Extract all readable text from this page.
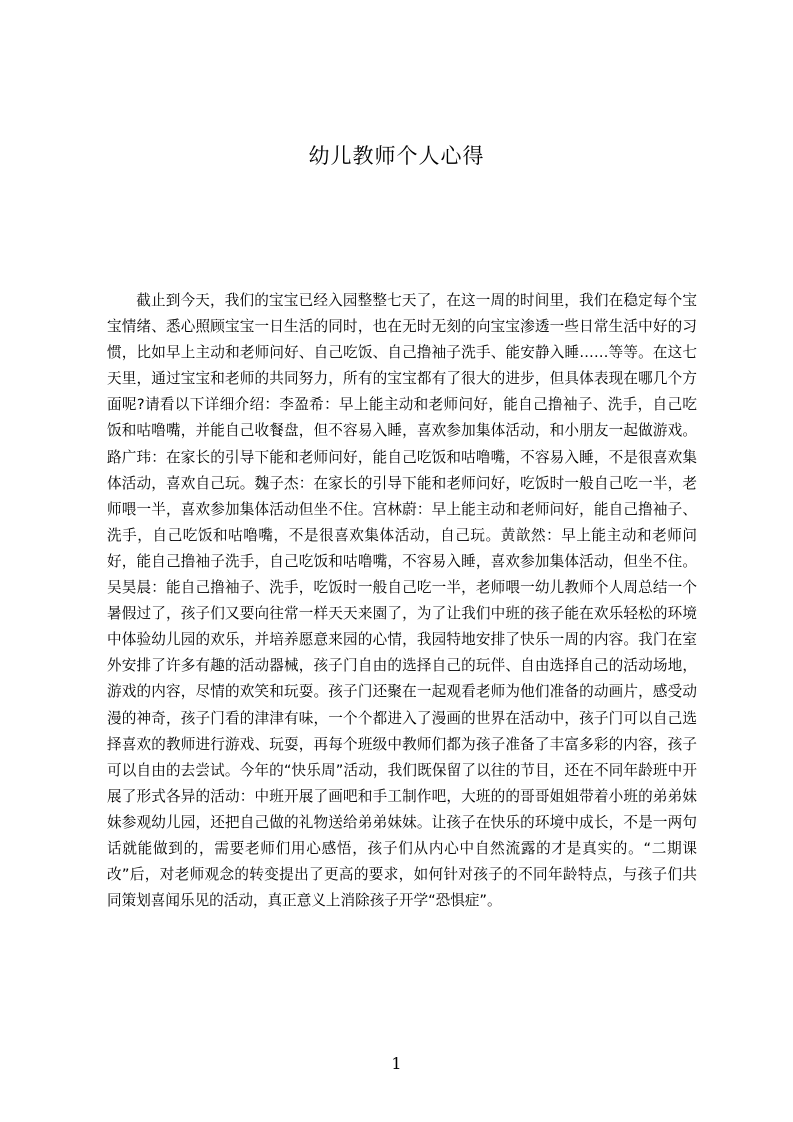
幼儿教师个人心得

截止到今天，我们的宝宝已经入园整整七天了，在这一周的时间里，我们在稳定每个宝宝情绪、悉心照顾宝宝一日生活的同时，也在无时无刻的向宝宝渗透一些日常生活中好的习惯，比如早上主动和老师问好、自己吃饭、自己撸袖子洗手、能安静入睡……等等。在这七天里，通过宝宝和老师的共同努力，所有的宝宝都有了很大的进步，但具体表现在哪几个方面呢?请看以下详细介绍：李盈希：早上能主动和老师问好，能自己撸袖子、洗手，自己吃饭和咕噜嘴，并能自己收餐盘，但不容易入睡，喜欢参加集体活动，和小朋友一起做游戏。路广玮：在家长的引导下能和老师问好，能自己吃饭和咕噜嘴，不容易入睡，不是很喜欢集体活动，喜欢自己玩。魏子杰：在家长的引导下能和老师问好，吃饭时一般自己吃一半，老师喂一半，喜欢参加集体活动但坐不住。宫林蔚：早上能主动和老师问好，能自己撸袖子、洗手，自己吃饭和咕噜嘴，不是很喜欢集体活动，自己玩。黄歆然：早上能主动和老师问好，能自己撸袖子洗手，自己吃饭和咕噜嘴，不容易入睡，喜欢参加集体活动，但坐不住。吴昊晨：能自己撸袖子、洗手，吃饭时一般自己吃一半，老师喂一幼儿教师个人周总结一个暑假过了，孩子们又要向往常一样天天来園了，为了让我们中班的孩子能在欢乐轻松的环境中体验幼儿园的欢乐，并培养愿意来园的心情，我园特地安排了快乐一周的内容。我门在室外安排了许多有趣的活动器械，孩子门自由的选择自己的玩伴、自由选择自己的活动场地，游戏的内容，尽情的欢笑和玩耍。孩子门还聚在一起观看老师为他们准备的动画片，感受动漫的神奇，孩子门看的津津有味，一个个都进入了漫画的世界在活动中，孩子门可以自己选择喜欢的教师进行游戏、玩耍，再每个班级中教师们都为孩子准备了丰富多彩的内容，孩子可以自由的去尝试。今年的“快乐周”活动，我们既保留了以往的节目，还在不同年龄班中开展了形式各异的活动：中班开展了画吧和手工制作吧，大班的的哥哥姐姐带着小班的弟弟妹妹参观幼儿园，还把自己做的礼物送给弟弟妹妹。让孩子在快乐的环境中成长，不是一两句话就能做到的，需要老师们用心感悟，孩子们从内心中自然流露的才是真实的。“二期课改”后，对老师观念的转变提出了更高的要求，如何针对孩子的不同年龄特点，与孩子们共同策划喜闻乐见的活动，真正意义上消除孩子开学“恐惧症”。

1
